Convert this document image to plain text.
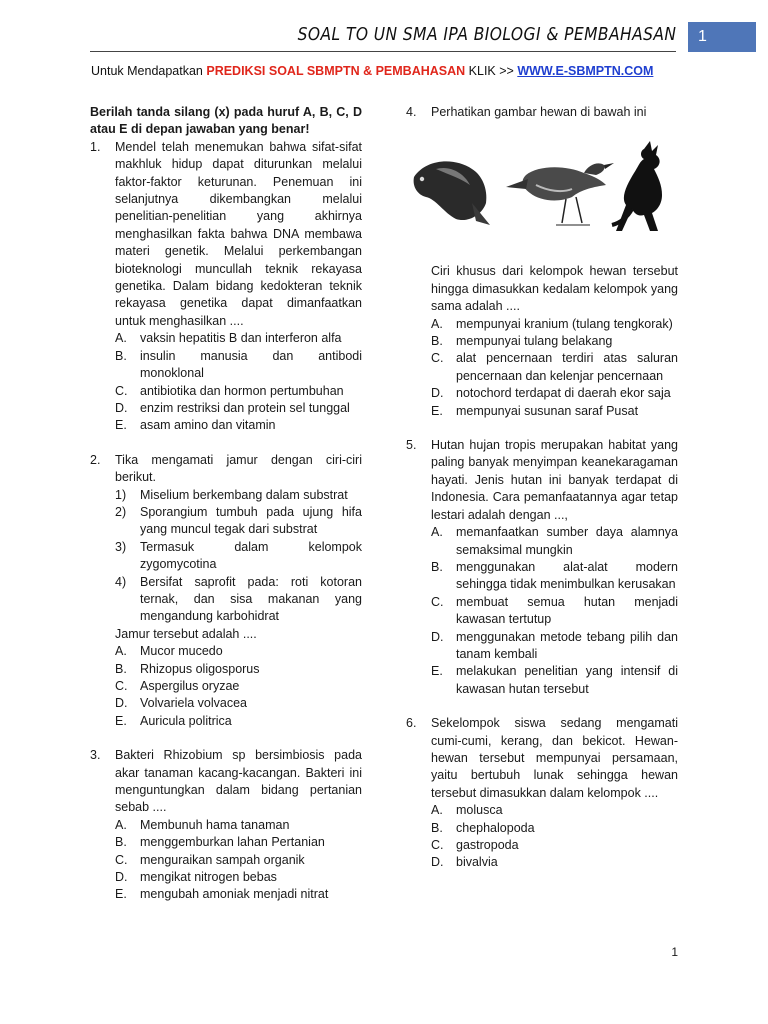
SOAL TO UN SMA IPA BIOLOGI & PEMBAHASAN	1
Untuk Mendapatkan PREDIKSI SOAL SBMPTN & PEMBAHASAN KLIK >> WWW.E-SBMPTN.COM
Berilah tanda silang (x) pada huruf A, B, C, D atau E di depan jawaban yang benar!
1. Mendel telah menemukan bahwa sifat-sifat makhluk hidup dapat diturunkan melalui faktor-faktor keturunan. Penemuan ini selanjutnya dikembangkan melalui penelitian-penelitian yang akhirnya menghasilkan fakta bahwa DNA membawa materi genetik. Melalui perkembangan bioteknologi muncullah teknik rekayasa genetika. Dalam bidang kedokteran teknik rekayasa genetika dapat dimanfaatkan untuk menghasilkan ....
A. vaksin hepatitis B dan interferon alfa
B. insulin manusia dan antibodi monoklonal
C. antibiotika dan hormon pertumbuhan
D. enzim restriksi dan protein sel tunggal
E. asam amino dan vitamin
2. Tika mengamati jamur dengan ciri-ciri berikut.
1) Miselium berkembang dalam substrat
2) Sporangium tumbuh pada ujung hifa yang muncul tegak dari substrat
3) Termasuk dalam kelompok zygomycotina
4) Bersifat saprofit pada: roti kotoran ternak, dan sisa makanan yang mengandung karbohidrat
Jamur tersebut adalah ....
A. Mucor mucedo
B. Rhizopus oligosporus
C. Aspergilus oryzae
D. Volvariela volvacea
E. Auricula politrica
3. Bakteri Rhizobium sp bersimbiosis pada akar tanaman kacang-kacangan. Bakteri ini menguntungkan dalam bidang pertanian sebab ....
A. Membunuh hama tanaman
B. menggemburkan lahan Pertanian
C. menguraikan sampah organik
D. mengikat nitrogen bebas
E. mengubah amoniak menjadi nitrat
4. Perhatikan gambar hewan di bawah ini
Ciri khusus dari kelompok hewan tersebut hingga dimasukkan kedalam kelompok yang sama adalah ....
A. mempunyai kranium (tulang tengkorak)
B. mempunyai tulang belakang
C. alat pencernaan terdiri atas saluran pencernaan dan kelenjar pencernaan
D. notochord terdapat di daerah ekor saja
E. mempunyai susunan saraf Pusat
5. Hutan hujan tropis merupakan habitat yang paling banyak menyimpan keanekaragaman hayati. Jenis hutan ini banyak terdapat di Indonesia. Cara pemanfaatannya agar tetap lestari adalah dengan ...,
A. memanfaatkan sumber daya alamnya semaksimal mungkin
B. menggunakan alat-alat modern sehingga tidak menimbulkan kerusakan
C. membuat semua hutan menjadi kawasan tertutup
D. menggunakan metode tebang pilih dan tanam kembali
E. melakukan penelitian yang intensif di kawasan hutan tersebut
6. Sekelompok siswa sedang mengamati cumi-cumi, kerang, dan bekicot. Hewan-hewan tersebut mempunyai persamaan, yaitu bertubuh lunak sehingga hewan tersebut dimasukkan dalam kelompok ....
A. molusca
B. chephalopoda
C. gastropoda
D. bivalvia
1
